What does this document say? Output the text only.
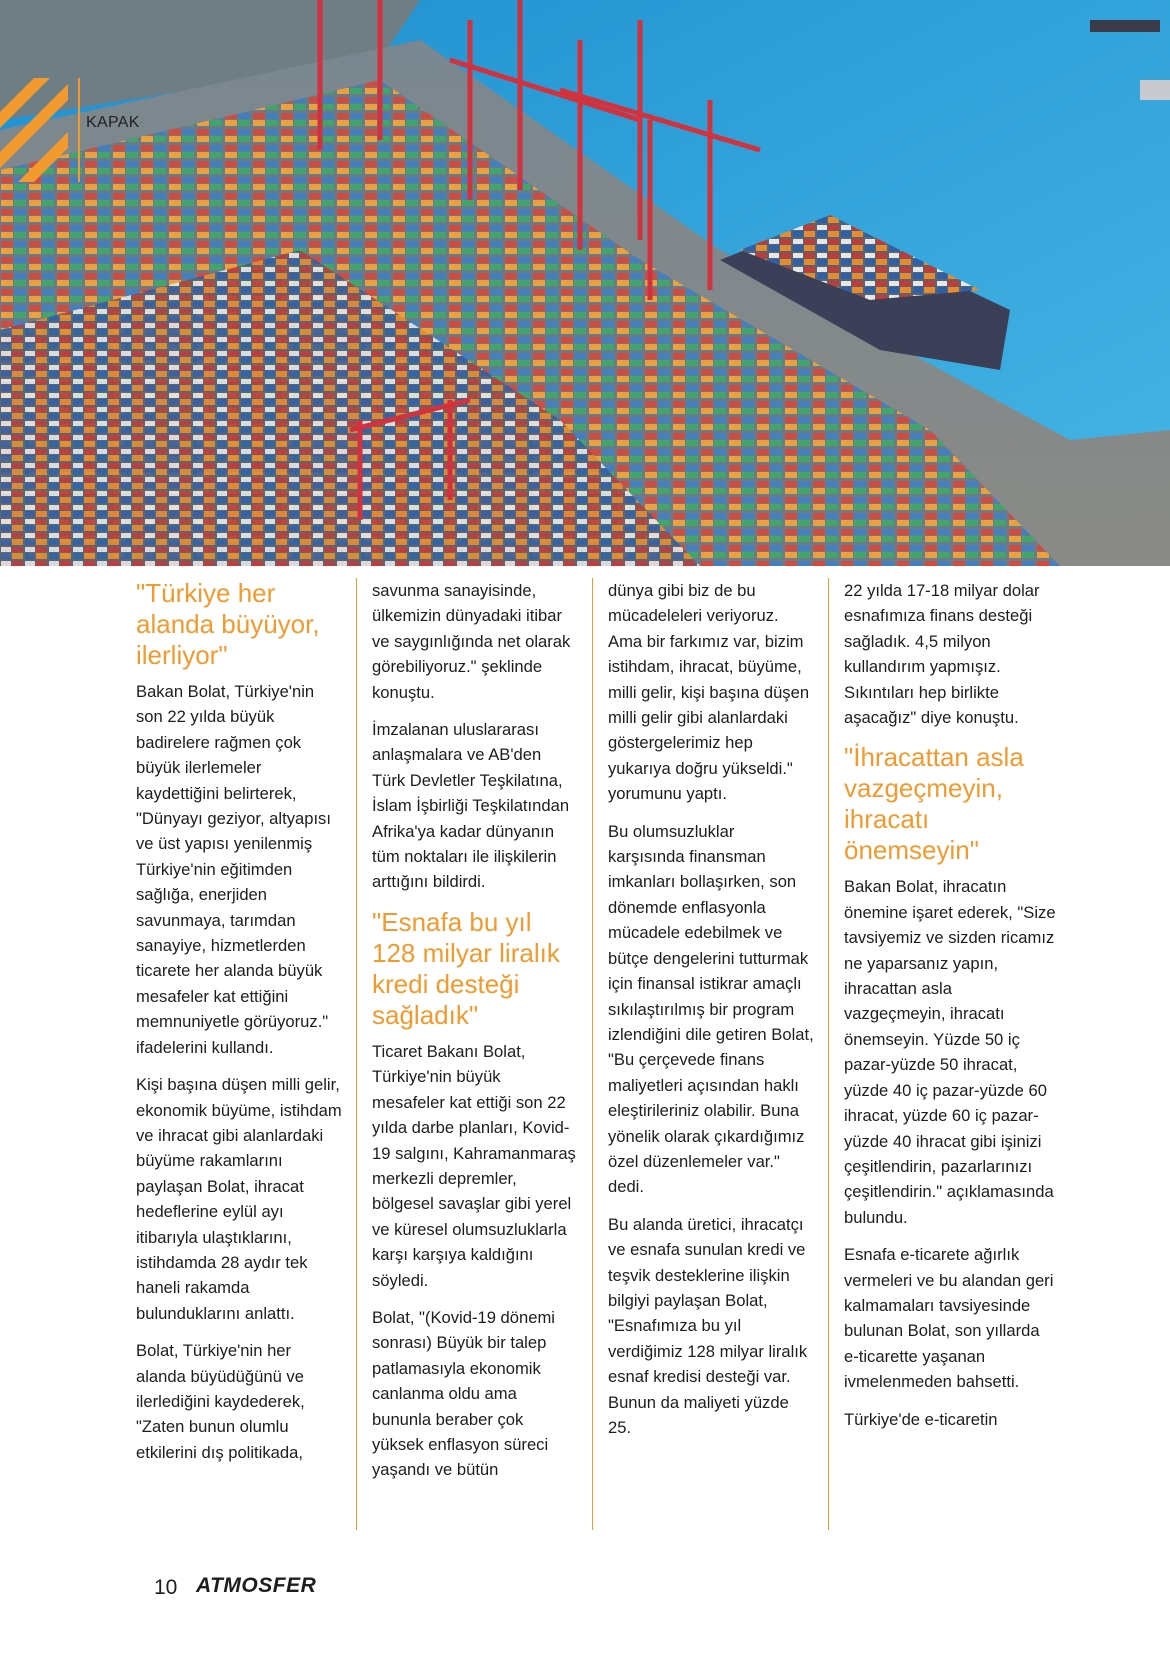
KAPAK
"Türkiye her alanda büyüyor, ilerliyor"

Bakan Bolat, Türkiye'nin son 22 yılda büyük badirelere rağmen çok büyük ilerlemeler kaydettiğini belirterek, "Dünyayı geziyor, altyapısı ve üst yapısı yenilenmiş Türkiye'nin eğitimden sağlığa, enerjiden savunmaya, tarımdan sanayiye, hizmetlerden ticarete her alanda büyük mesafeler kat ettiğini memnuniyetle görüyoruz." ifadelerini kullandı.

Kişi başına düşen milli gelir, ekonomik büyüme, istihdam ve ihracat gibi alanlardaki büyüme rakamlarını paylaşan Bolat, ihracat hedeflerine eylül ayı itibarıyla ulaştıklarını, istihdamda 28 aydır tek haneli rakamda bulunduklarını anlattı.

Bolat, Türkiye'nin her alanda büyüdüğünü ve ilerlediğini kaydederek, "Zaten bunun olumlu etkilerini dış politikada,

savunma sanayisinde, ülkemizin dünyadaki itibar ve saygınlığında net olarak görebiliyoruz." şeklinde konuştu.

İmzalanan uluslararası anlaşmalara ve AB'den Türk Devletler Teşkilatına, İslam İşbirliği Teşkilatından Afrika'ya kadar dünyanın tüm noktaları ile ilişkilerin arttığını bildirdi.

"Esnafa bu yıl 128 milyar liralık kredi desteği sağladık"

Ticaret Bakanı Bolat, Türkiye'nin büyük mesafeler kat ettiği son 22 yılda darbe planları, Kovid-19 salgını, Kahramanmaraş merkezli depremler, bölgesel savaşlar gibi yerel ve küresel olumsuzluklarla karşı karşıya kaldığını söyledi.

Bolat, "(Kovid-19 dönemi sonrası) Büyük bir talep patlamasıyla ekonomik canlanma oldu ama bununla beraber çok yüksek enflasyon süreci yaşandı ve bütün

dünya gibi biz de bu mücadeleleri veriyoruz. Ama bir farkımız var, bizim istihdam, ihracat, büyüme, milli gelir, kişi başına düşen milli gelir gibi alanlardaki göstergelerimiz hep yukarıya doğru yükseldi." yorumunu yaptı.

Bu olumsuzluklar karşısında finansman imkanları bollaşırken, son dönemde enflasyonla mücadele edebilmek ve bütçe dengelerini tutturmak için finansal istikrar amaçlı sıkılaştırılmış bir program izlendiğini dile getiren Bolat, "Bu çerçevede finans maliyetleri açısından haklı eleştirileriniz olabilir. Buna yönelik olarak çıkardığımız özel düzenlemeler var." dedi.

Bu alanda üretici, ihracatçı ve esnafa sunulan kredi ve teşvik desteklerine ilişkin bilgiyi paylaşan Bolat, "Esnafımıza bu yıl verdiğimiz 128 milyar liralık esnaf kredisi desteği var. Bunun da maliyeti yüzde 25.

22 yılda 17-18 milyar dolar esnafımıza finans desteği sağladık. 4,5 milyon kullandırım yapmışız. Sıkıntıları hep birlikte aşacağız" diye konuştu.

"İhracattan asla vazgeçmeyin, ihracatı önemseyin"

Bakan Bolat, ihracatın önemine işaret ederek, "Size tavsiyemiz ve sizden ricamız ne yaparsanız yapın, ihracattan asla vazgeçmeyin, ihracatı önemseyin. Yüzde 50 iç pazar-yüzde 50 ihracat, yüzde 40 iç pazar-yüzde 60 ihracat, yüzde 60 iç pazar-yüzde 40 ihracat gibi işinizi çeşitlendirin, pazarlarınızı çeşitlendirin." açıklamasında bulundu.

Esnafa e-ticarete ağırlık vermeleri ve bu alandan geri kalmamaları tavsiyesinde bulunan Bolat, son yıllarda e-ticarette yaşanan ivmelenmeden bahsetti.

Türkiye'de e-ticaretin

10 ATMOSFER
